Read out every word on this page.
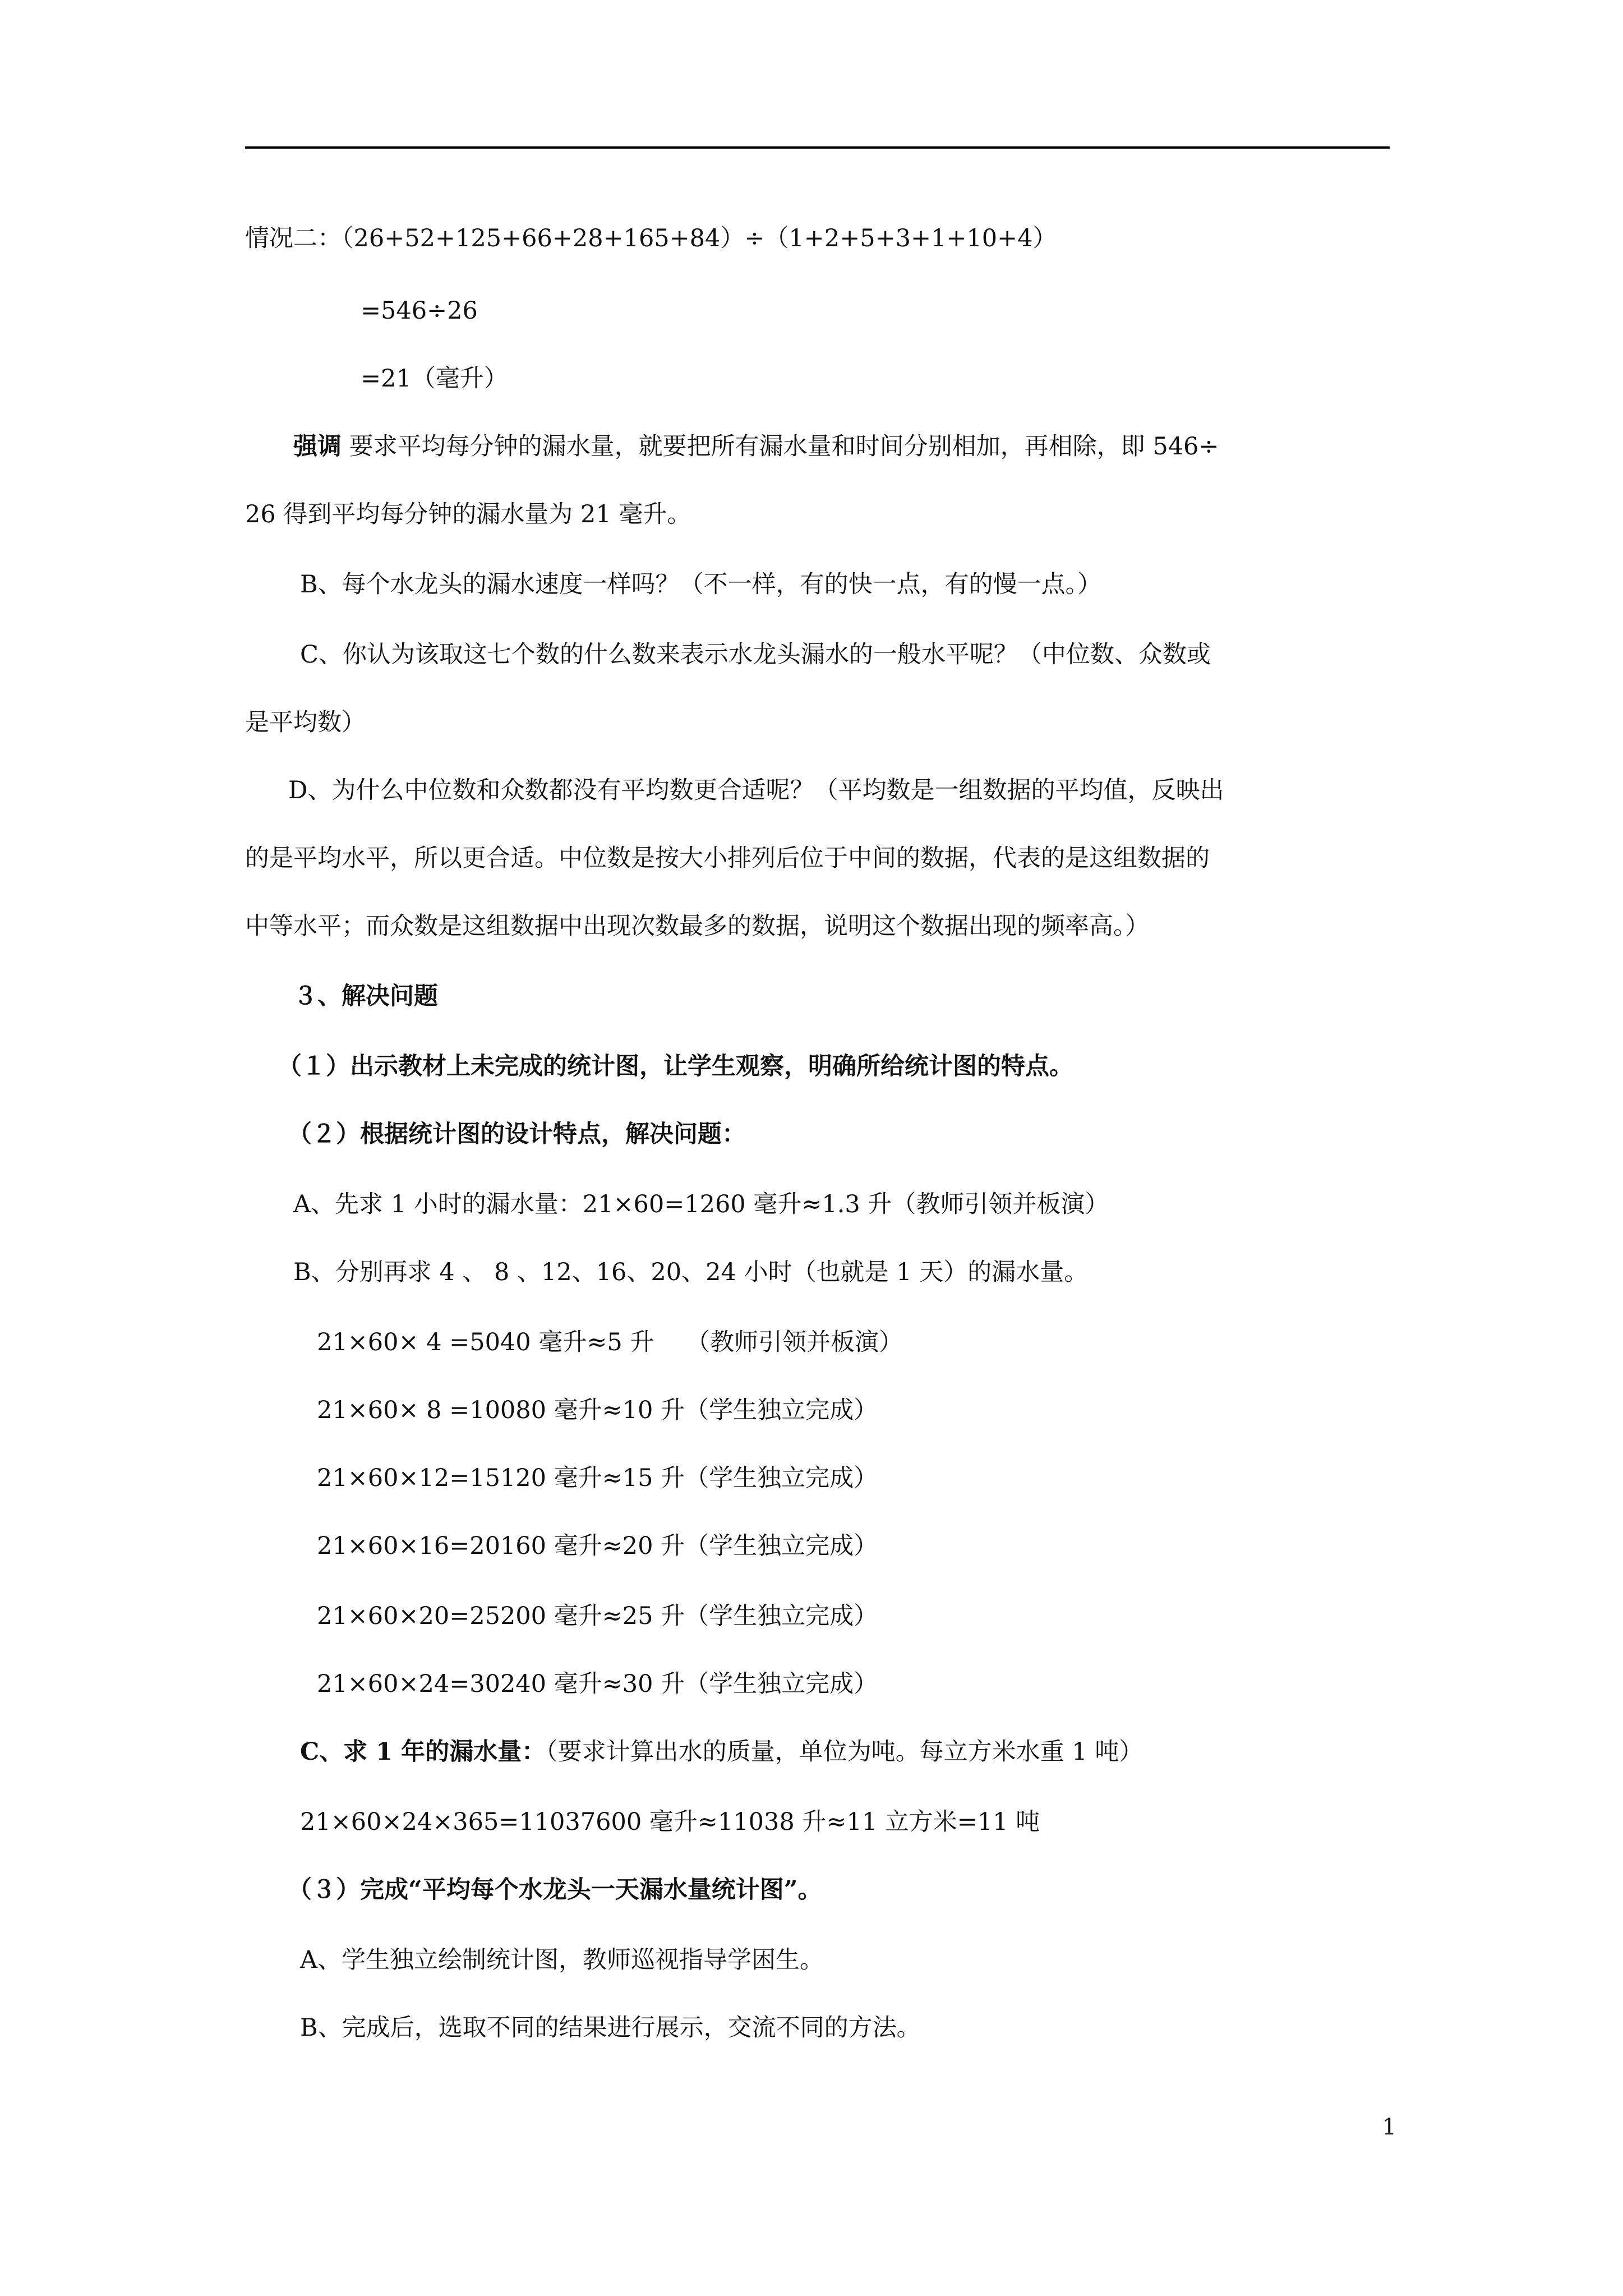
情况二：（26+52+125+66+28+165+84）÷（1+2+5+3+1+10+4）
=546÷26
=21（毫升）
强调 要求平均每分钟的漏水量，就要把所有漏水量和时间分别相加，再相除，即 546÷
26 得到平均每分钟的漏水量为 21 毫升。
B、每个水龙头的漏水速度一样吗？（不一样，有的快一点，有的慢一点。）
C、你认为该取这七个数的什么数来表示水龙头漏水的一般水平呢？（中位数、众数或
是平均数）
D、为什么中位数和众数都没有平均数更合适呢？（平均数是一组数据的平均值，反映出
的是平均水平，所以更合适。中位数是按大小排列后位于中间的数据，代表的是这组数据的
中等水平；而众数是这组数据中出现次数最多的数据，说明这个数据出现的频率高。）
３、解决问题
（１）出示教材上未完成的统计图，让学生观察，明确所给统计图的特点。
（２）根据统计图的设计特点，解决问题：
A、先求 1 小时的漏水量：21×60=1260 毫升≈1.3 升（教师引领并板演）
B、分别再求 4 、 8 、12、16、20、24 小时（也就是 1 天）的漏水量。
21×60× 4 =5040 毫升≈5 升　 （教师引领并板演）
21×60× 8 =10080 毫升≈10 升（学生独立完成）
21×60×12=15120 毫升≈15 升（学生独立完成）
21×60×16=20160 毫升≈20 升（学生独立完成）
21×60×20=25200 毫升≈25 升（学生独立完成）
21×60×24=30240 毫升≈30 升（学生独立完成）
C、求 1 年的漏水量：（要求计算出水的质量，单位为吨。每立方米水重 1 吨）
21×60×24×365=11037600 毫升≈11038 升≈11 立方米=11 吨
（３）完成“平均每个水龙头一天漏水量统计图”。
A、学生独立绘制统计图，教师巡视指导学困生。
B、完成后，选取不同的结果进行展示，交流不同的方法。
1
